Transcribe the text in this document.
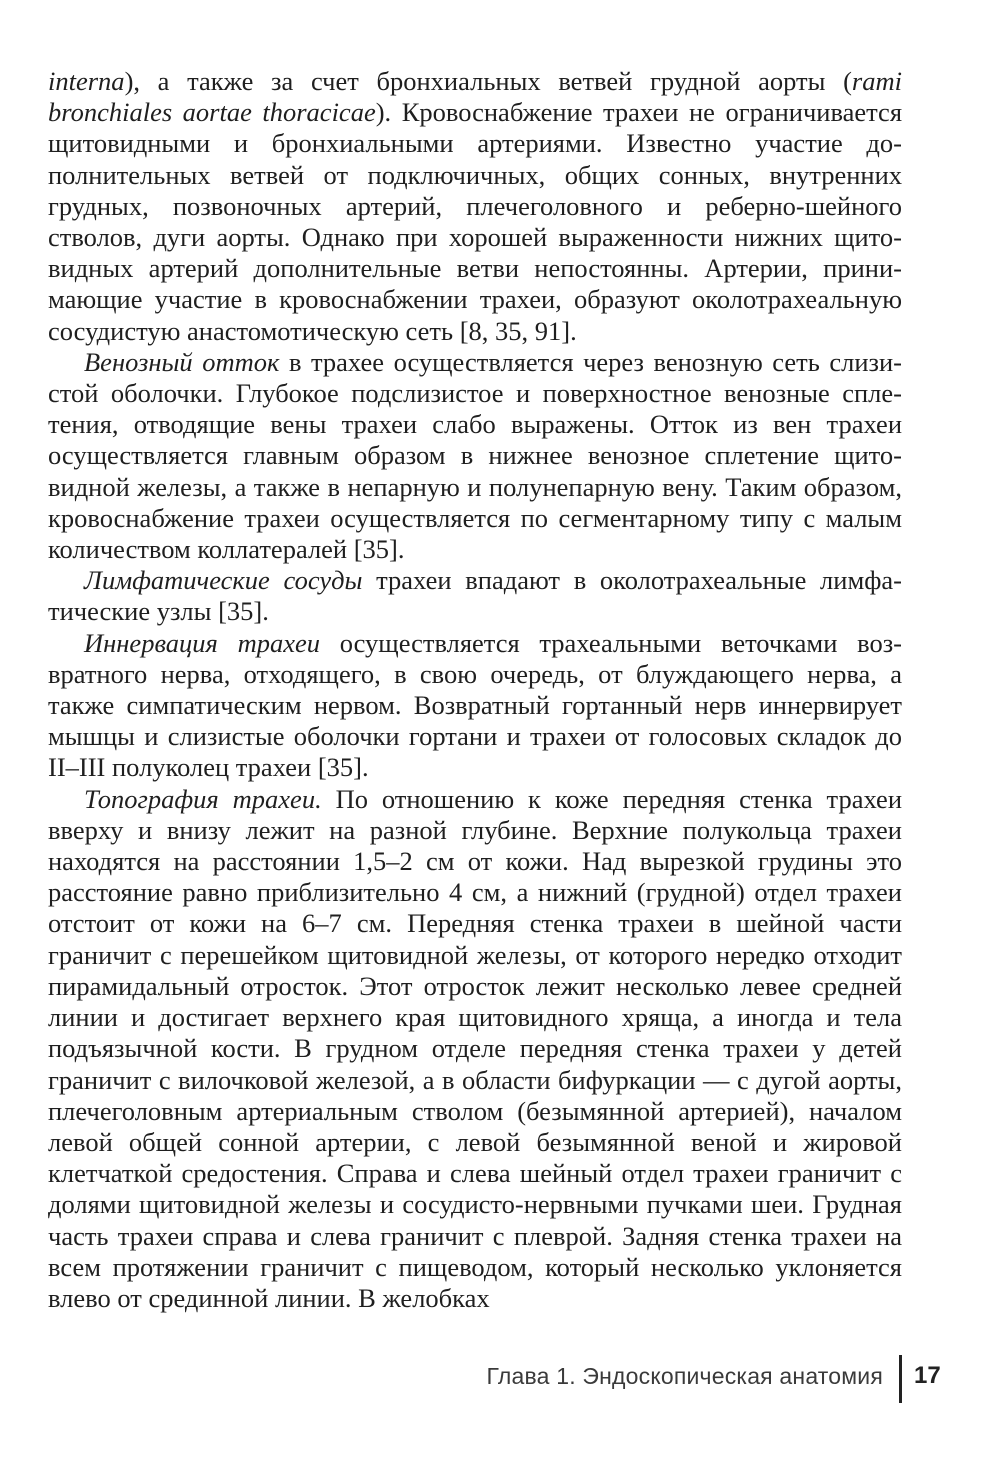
interna), а также за счет бронхиальных ветвей грудной аорты (rami bronchiales aortae thoracicae). Кровоснабжение трахеи не ограничивается щитовидными и бронхиальными артериями. Известно участие дополнительных ветвей от подключичных, общих сонных, внутренних грудных, позвоночных артерий, плечеголовного и реберно-шейного стволов, дуги аорты. Однако при хорошей выраженности нижних щитовидных артерий дополнительные ветви непостоянны. Артерии, принимающие участие в кровоснабжении трахеи, образуют околотрахеальную сосудистую анастомотическую сеть [8, 35, 91].

Венозный отток в трахее осуществляется через венозную сеть слизистой оболочки. Глубокое подслизистое и поверхностное венозные сплетения, отводящие вены трахеи слабо выражены. Отток из вен трахеи осуществляется главным образом в нижнее венозное сплетение щитовидной железы, а также в непарную и полунепарную вену. Таким образом, кровоснабжение трахеи осуществляется по сегментарному типу с малым количеством коллатералей [35].

Лимфатические сосуды трахеи впадают в околотрахеальные лимфатические узлы [35].

Иннервация трахеи осуществляется трахеальными веточками возвратного нерва, отходящего, в свою очередь, от блуждающего нерва, а также симпатическим нервом. Возвратный гортанный нерв иннервирует мышцы и слизистые оболочки гортани и трахеи от голосовых складок до II–III полуколец трахеи [35].

Топография трахеи. По отношению к коже передняя стенка трахеи вверху и внизу лежит на разной глубине. Верхние полукольца трахеи находятся на расстоянии 1,5–2 см от кожи. Над вырезкой грудины это расстояние равно приблизительно 4 см, а нижний (грудной) отдел трахеи отстоит от кожи на 6–7 см. Передняя стенка трахеи в шейной части граничит с перешейком щитовидной железы, от которого нередко отходит пирамидальный отросток. Этот отросток лежит несколько левее средней линии и достигает верхнего края щитовидного хряща, а иногда и тела подъязычной кости. В грудном отделе передняя стенка трахеи у детей граничит с вилочковой железой, а в области бифуркации — с дугой аорты, плечеголовным артериальным стволом (безымянной артерией), началом левой общей сонной артерии, с левой безымянной веной и жировой клетчаткой средостения. Справа и слева шейный отдел трахеи граничит с долями щитовидной железы и сосудисто-нервными пучками шеи. Грудная часть трахеи справа и слева граничит с плеврой. Задняя стенка трахеи на всем протяжении граничит с пищеводом, который несколько уклоняется влево от срединной линии. В желобках

Глава 1. Эндоскопическая анатомия 17
